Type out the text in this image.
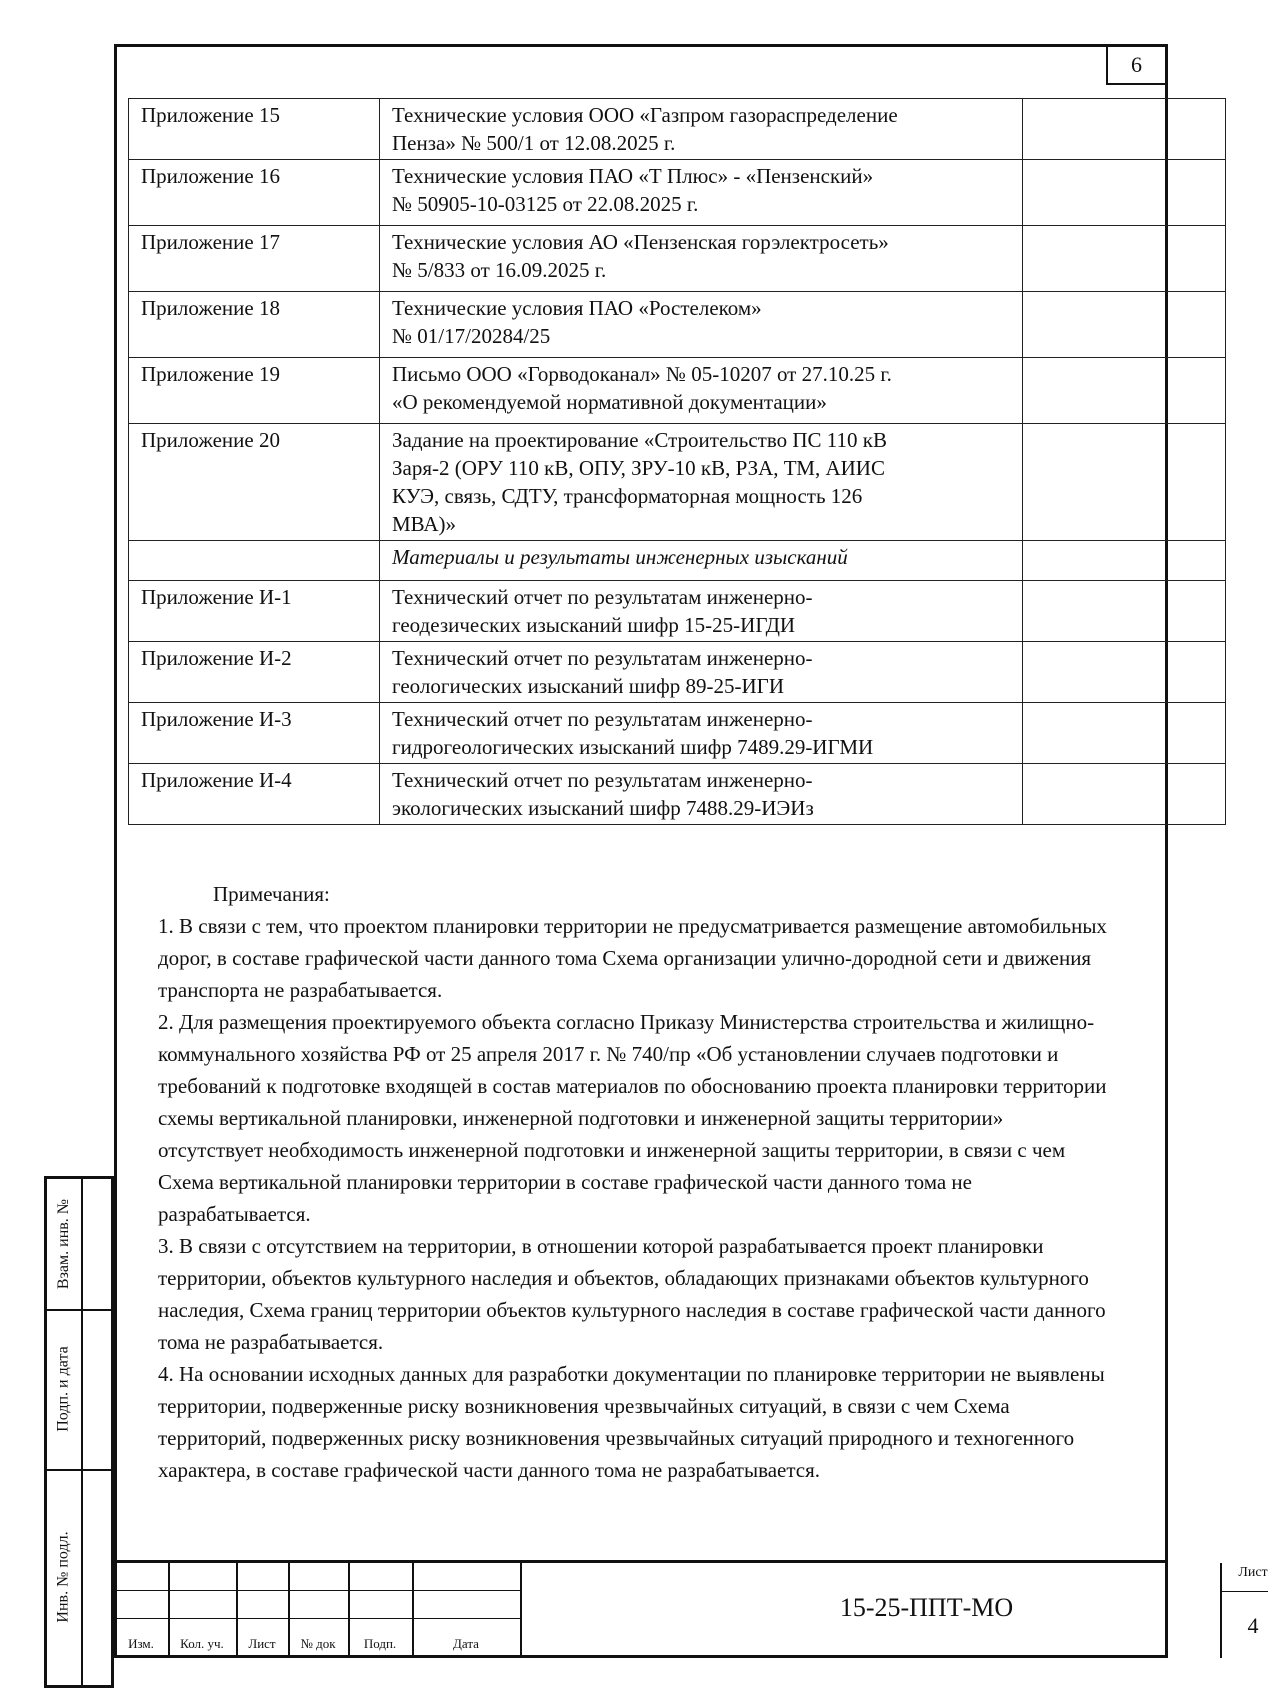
6
Приложение 15	Технические условия ООО «Газпром газораспределение
Пенза» № 500/1 от 12.08.2025 г.	

Приложение 16	Технические условия ПАО «Т Плюс» - «Пензенский»
№ 50905-10-03125 от 22.08.2025 г.	

Приложение 17	Технические условия АО «Пензенская горэлектросеть»
№ 5/833 от 16.09.2025 г.	

Приложение 18	Технические условия ПАО «Ростелеком»
№ 01/17/20284/25	

Приложение 19	Письмо ООО «Горводоканал» № 05-10207 от 27.10.25 г.
«О рекомендуемой нормативной документации»	

Приложение 20	Задание на проектирование «Строительство ПС 110 кВ
Заря-2 (ОРУ 110 кВ, ОПУ, ЗРУ-10 кВ, РЗА, ТМ, АИИС
КУЭ, связь, СДТУ, трансформаторная мощность 126
МВА)»	

	Материалы и результаты инженерных изысканий	

Приложение И-1	Технический отчет по результатам инженерно-
геодезических изысканий шифр 15-25-ИГДИ	

Приложение И-2	Технический отчет по результатам инженерно-
геологических изысканий шифр 89-25-ИГИ	

Приложение И-3	Технический отчет по результатам инженерно-
гидрогеологических изысканий шифр 7489.29-ИГМИ	

Приложение И-4	Технический отчет по результатам инженерно-
экологических изысканий шифр 7488.29-ИЭИз	

Примечания:

1. В связи с тем, что проектом планировки территории не предусматривается размещение автомобильных дорог, в составе графической части данного тома Схема организации улично-дородной сети и движения транспорта не разрабатывается.

2. Для размещения проектируемого объекта согласно Приказу Министерства строительства и жилищно-коммунального хозяйства РФ от 25 апреля 2017 г. № 740/пр «Об установлении случаев подготовки и требований к подготовке входящей в состав материалов по обоснованию проекта планировки территории схемы вертикальной планировки, инженерной подготовки и инженерной защиты территории» отсутствует необходимость инженерной подготовки и инженерной защиты территории, в связи с чем Схема вертикальной планировки территории в составе графической части данного тома не разрабатывается.

3. В связи с отсутствием на территории, в отношении которой разрабатывается проект планировки территории, объектов культурного наследия и объектов, обладающих признаками объектов культурного наследия, Схема границ территории объектов культурного наследия в составе графической части данного тома не разрабатывается.

4. На основании исходных данных для разработки документации по планировке территории не выявлены территории, подверженные риску возникновения чрезвычайных ситуаций, в связи с чем Схема территорий, подверженных риску возникновения чрезвычайных ситуаций природного и техногенного характера, в составе графической части данного тома не разрабатывается.

Взам. инв. №
Подп. и дата
Инв. № подл.
Изм.	Кол. уч.	Лист	№ док	Подп.	Дата
15-25-ППТ-МО
Лист
4
